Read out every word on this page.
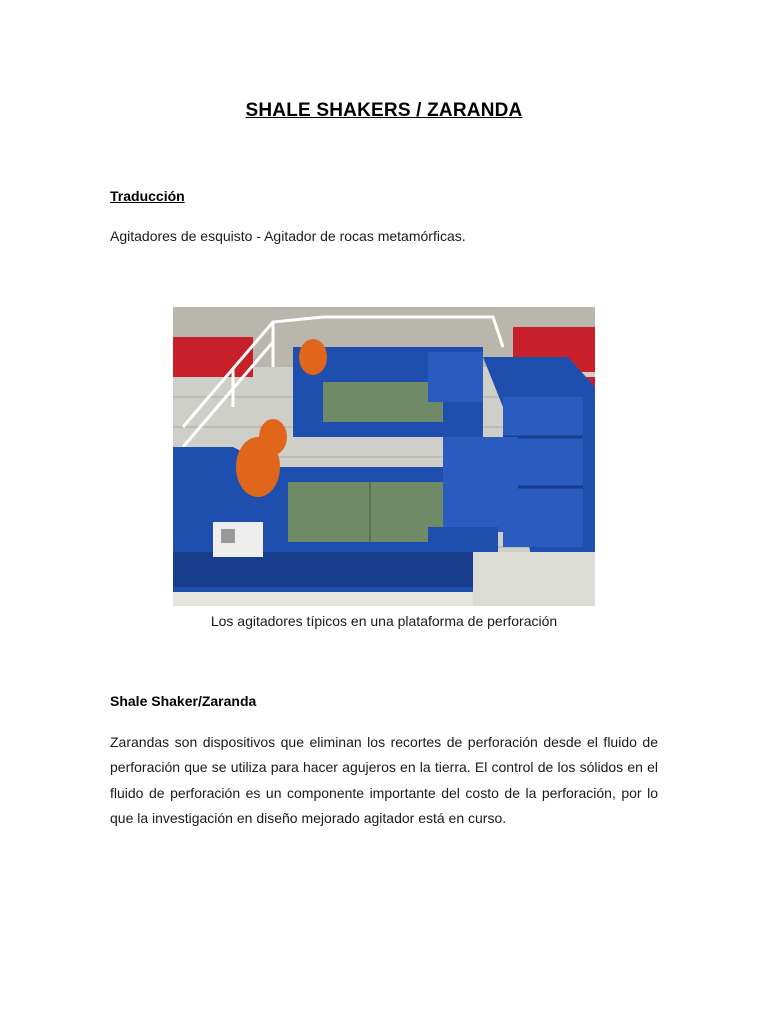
SHALE SHAKERS / ZARANDA
Traducción
Agitadores de esquisto - Agitador de rocas metamórficas.
Los agitadores típicos en una plataforma de perforación
Shale Shaker/Zaranda
Zarandas son dispositivos que eliminan los recortes de perforación desde el fluido de perforación que se utiliza para hacer agujeros en la tierra. El control de los sólidos en el fluido de perforación es un componente importante del costo de la perforación, por lo que la investigación en diseño mejorado agitador está en curso.
